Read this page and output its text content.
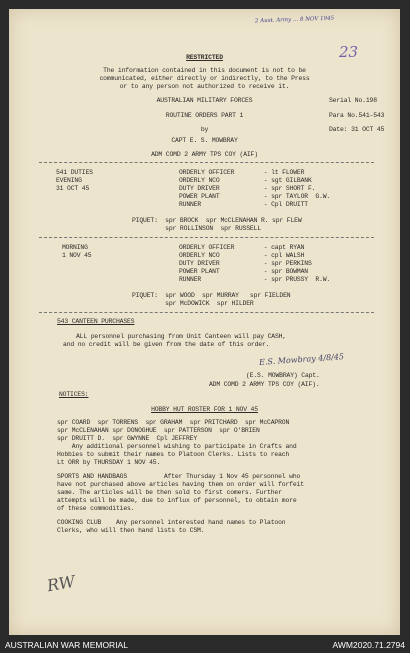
2 Aust. Army ... 8 NOV 1945
23
RESTRICTED
The information contained in this document is not to be
communicated, either directly or indirectly, to the Press
or to any person not authorized to receive it.
AUSTRALIAN MILITARY FORCES
ROUTINE ORDERS PART 1
by
CAPT E. S. MOWBRAY
ADM COMD 2 ARMY TPS COY (AIF)
Serial No.198
Para No.541-543
Date: 31 OCT 45
541 DUTIES
EVENING
31 OCT 45
ORDERLY OFFICER        - lt FLOWER
ORDERLY NCO            - sgt GILBANK
DUTY DRIVER            - spr SHORT F.
POWER PLANT            - spr TAYLOR  G.W.
RUNNER                 - Cpl DRUITT
PIQUET:  spr BROCK  spr McCLENAHAN R. spr FLEW
spr ROLLINSON  spr RUSSELL
MORNING
1 NOV 45
ORDERLY OFFICER        - capt RYAN
ORDERLY NCO            - cpl WALSH
DUTY DRIVER            - spr PERKINS
POWER PLANT            - spr BOWMAN
RUNNER                 - spr PRUSSY  R.W.
PIQUET:  spr WOOD  spr MURRAY   spr FIELDEN
spr McDOWICK  spr HILDER
543 CANTEEN PURCHASES
ALL personnel purchasing from Unit Canteen will pay CASH,
and no credit will be given from the date of this order.
E.S. Mowbray 4/8/45
(E.S. MOWBRAY) Capt.
ADM COMD 2 ARMY TPS COY (AIF).
NOTICES:
HOBBY HUT ROSTER FOR 1 NOV 45
spr COARD  spr TORRENS  spr GRAHAM  spr PRITCHARD  spr McCAPRON
spr McCLENAHAN spr DONOGHUE  spr PATTERSON  spr O'BRIEN
spr DRUITT D.  spr GWYNNE  Cpl JEFFREY
Any additional personnel wishing to participate in Crafts and
Hobbies to submit their names to Platoon Clerks. Lists to reach
Lt ORR by THURSDAY 1 NOV 45.
SPORTS AND HANDBAGS          After Thursday 1 Nov 45 personnel who
have not purchased above articles having them on order will forfeit
same. The articles will be then sold to first comers. Further
attempts will be made, due to influx of personnel, to obtain more
of these commodities.
COOKING CLUB    Any personnel interested hand names to Platoon
Clerks, who will then hand lists to CSM.
RW
AUSTRALIAN WAR MEMORIAL	AWM2020.71.2794
